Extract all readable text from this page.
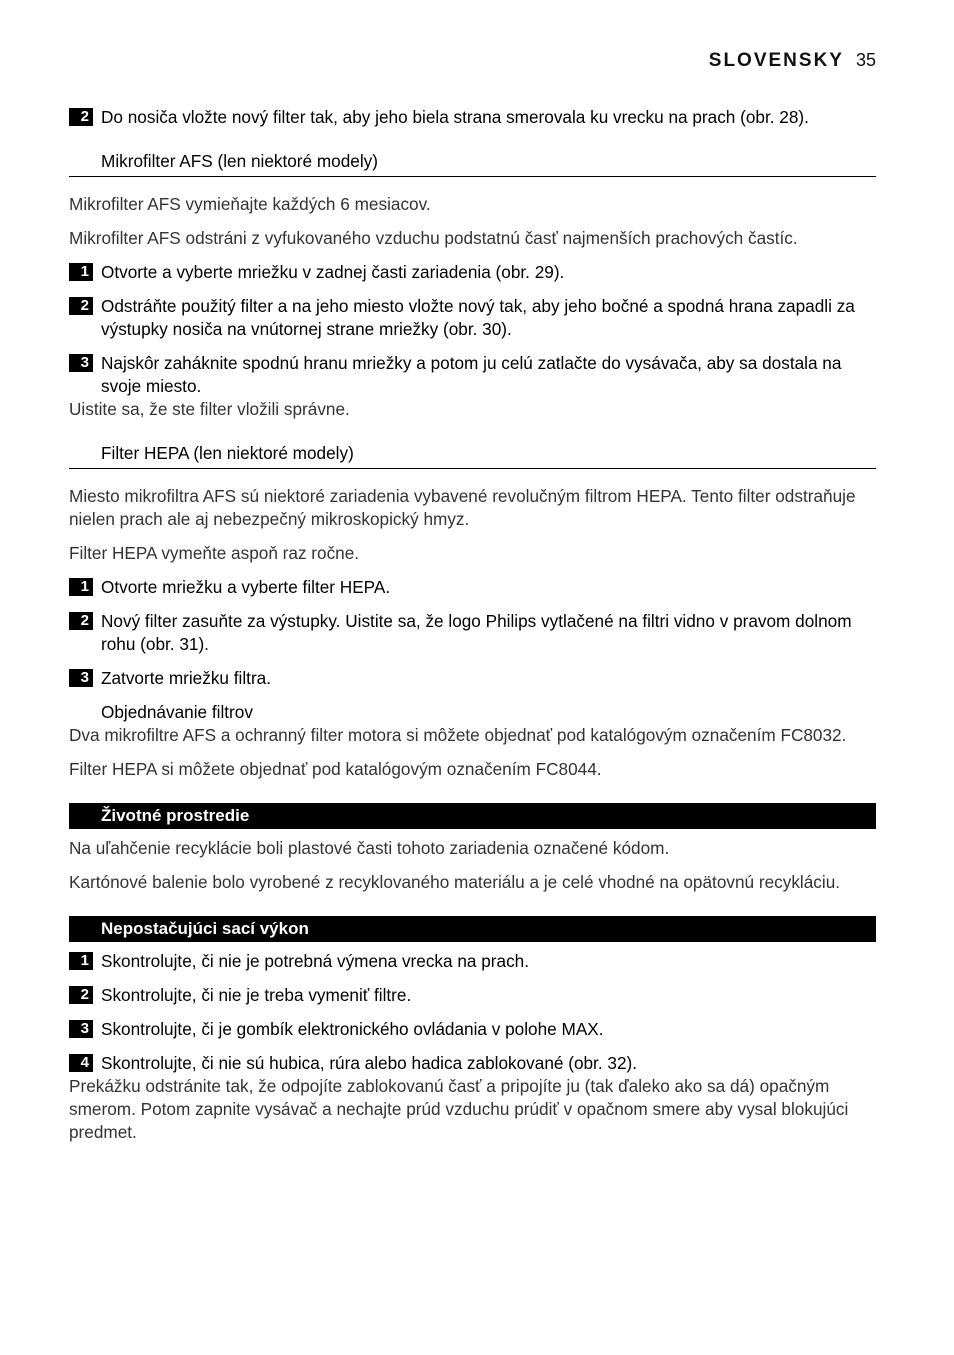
SLOVENSKY 35
2 Do nosiča vložte nový filter tak, aby jeho biela strana smerovala ku vrecku na prach (obr. 28).
Mikrofilter AFS (len niektoré modely)
Mikrofilter AFS vymieňajte každých 6 mesiacov.
Mikrofilter AFS odstráni z vyfukovaného vzduchu podstatnú časť najmenších prachových častíc.
1 Otvorte a vyberte mriežku v zadnej časti zariadenia (obr. 29).
2 Odstráňte použitý filter a na jeho miesto vložte nový tak, aby jeho bočné a spodná hrana zapadli za výstupky nosiča na vnútornej strane mriežky (obr. 30).
3 Najskôr zaháknite spodnú hranu mriežky a potom ju celú zatlačte do vysávača, aby sa dostala na svoje miesto.
Uistite sa, že ste filter vložili správne.
Filter HEPA (len niektoré modely)
Miesto mikrofiltra AFS sú niektoré zariadenia vybavené revolučným filtrom HEPA. Tento filter odstraňuje nielen prach ale aj nebezpečný mikroskopický hmyz.
Filter HEPA vymeňte aspoň raz ročne.
1 Otvorte mriežku a vyberte filter HEPA.
2 Nový filter zasuňte za výstupky. Uistite sa, že logo Philips vytlačené na filtri vidno v pravom dolnom rohu (obr. 31).
3 Zatvorte mriežku filtra.
Objednávanie filtrov
Dva mikrofiltre AFS a ochranný filter motora si môžete objednať pod katalógovým označením FC8032.
Filter HEPA si môžete objednať pod katalógovým označením FC8044.
Životné prostredie
Na uľahčenie recyklácie boli plastové časti tohoto zariadenia označené kódom.
Kartónové balenie bolo vyrobené z recyklovaného materiálu a je celé vhodné na opätovnú recykláciu.
Nepostačujúci sací výkon
1 Skontrolujte, či nie je potrebná výmena vrecka na prach.
2 Skontrolujte, či nie je treba vymeniť filtre.
3 Skontrolujte, či je gombík elektronického ovládania v polohe MAX.
4 Skontrolujte, či nie sú hubica, rúra alebo hadica zablokované (obr. 32).
Prekážku odstránite tak, že odpojíte zablokovanú časť a pripojíte ju (tak ďaleko ako sa dá) opačným smerom. Potom zapnite vysávač a nechajte prúd vzduchu prúdiť v opačnom smere aby vysal blokujúci predmet.
